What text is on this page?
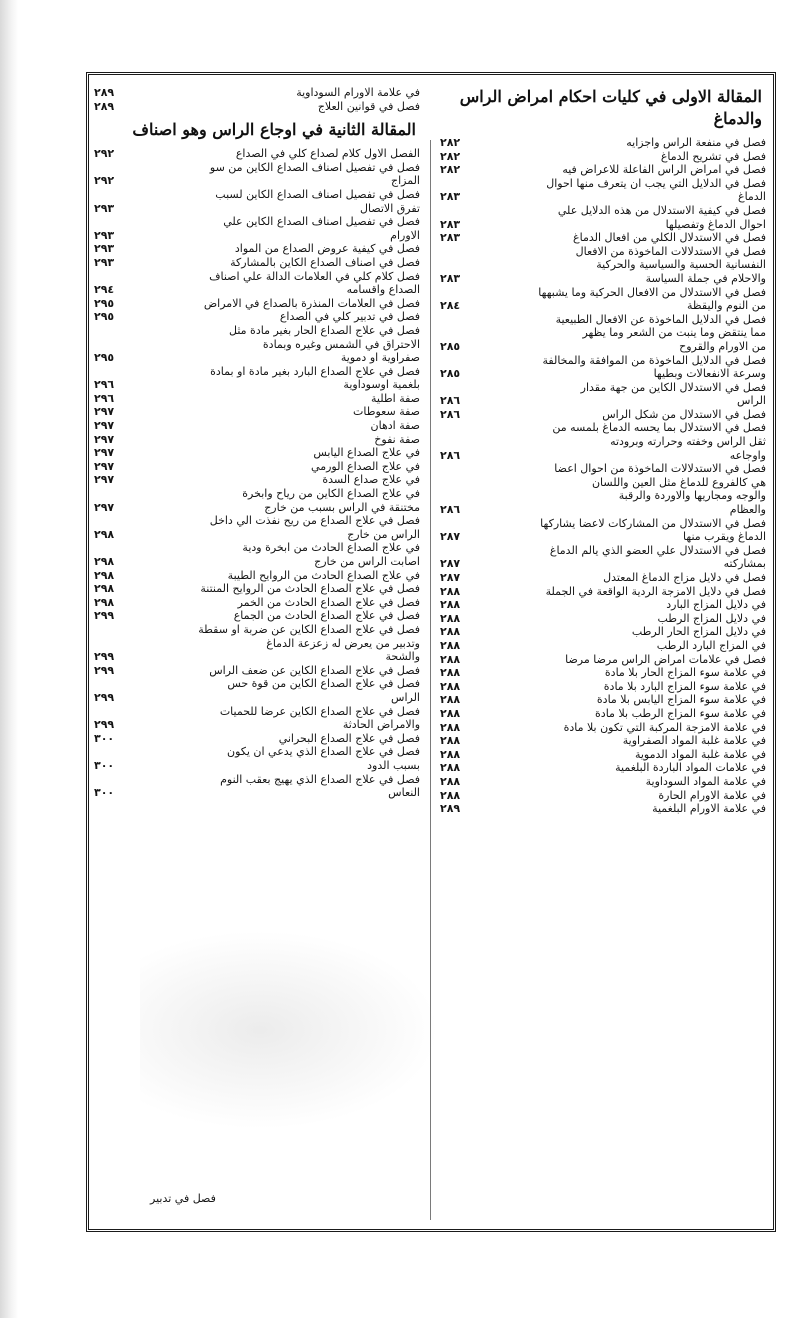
المقالة الاولى في كليات احكام امراض الراس والدماغ
فصل في منفعة الراس واجزايه
٢٨٢
فصل في تشريح الدماغ
٢٨٢
فصل في امراض الراس الفاعلة للاعراض فيه
٢٨٢
فصل في الدلايل التي يجب ان يتعرف منها احوال
الدماغ
٢٨٣
فصل في كيفية الاستدلال من هذه الدلايل علي
احوال الدماغ وتفصيلها
٢٨٣
فصل في الاستدلال الكلي من افعال الدماغ
٢٨٣
فصل في الاستدلالات الماخوذة من الافعال
النفسانية الحسية والسياسية والحركية
والاحلام في جملة السياسة
٢٨٣
فصل في الاستدلال من الافعال الحركية وما يشبهها
من النوم واليقظة
٢٨٤
فصل في الدلايل الماخوذة عن الافعال الطبيعية
مما ينتقض وما ينبت من الشعر وما يظهر
من الاورام والقروح
٢٨٥
فصل في الدلايل الماخوذة من الموافقة والمخالفة
وسرعة الانفعالات وبطيها
٢٨٥
فصل في الاستدلال الكاين من جهة مقدار
الراس
٢٨٦
فصل في الاستدلال من شكل الراس
٢٨٦
فصل في الاستدلال بما يحسه الدماغ بلمسه من
ثقل الراس وخفته وحرارته وبرودته
واوجاعه
٢٨٦
فصل في الاستدلالات الماخوذة من احوال اعضا
هي كالفروع للدماغ مثل العين واللسان
والوجه ومجاريها والاوردة والرقبة
والعظام
٢٨٦
فصل في الاستدلال من المشاركات لاعضا يشاركها
الدماغ ويقرب منها
٢٨٧
فصل في الاستدلال علي العضو الذي يالم الدماغ
بمشاركته
٢٨٧
فصل في دلايل مزاج الدماغ المعتدل
٢٨٧
فصل في دلايل الامزجة الردية الواقعة في الجملة
٢٨٨
في دلايل المزاج البارد
٢٨٨
في دلايل المزاج الرطب
٢٨٨
في دلايل المزاج الحار الرطب
٢٨٨
في المزاج البارد الرطب
٢٨٨
فصل في علامات امراض الراس مرضا مرضا
٢٨٨
في علامة سوء المزاج الحار بلا مادة
٢٨٨
في علامة سوء المزاج البارد بلا مادة
٢٨٨
في علامة سوء المزاج اليابس بلا مادة
٢٨٨
في علامة سوء المزاج الرطب بلا مادة
٢٨٨
في علامة الامزجة المركبة التي تكون بلا مادة
٢٨٨
في علامة غلبة المواد الصفراوية
٢٨٨
في علامة غلبة المواد الدموية
٢٨٨
في علامات المواد الباردة البلغمية
٢٨٨
في علامة المواد السوداوية
٢٨٨
في علامة الاورام الحارة
٢٨٨
في علامة الاورام البلغمية
٢٨٩
في علامة الاورام السوداوية
٢٨٩
فصل في قوانين العلاج
٢٨٩
المقالة الثانية في اوجاع الراس وهو اصناف
الفصل الاول كلام لصداع كلي في الصداع
٢٩٢
فصل في تفصيل اصناف الصداع الكاين من سو
المزاج
٢٩٢
فصل في تفصيل اصناف الصداع الكاين لسبب
تفرق الاتصال
٢٩٣
فصل في تفصيل اصناف الصداع الكاين علي
الاورام
٢٩٣
فصل في كيفية عروض الصداع من المواد
٢٩٣
فصل في اصناف الصداع الكاين بالمشاركة
٢٩٣
فصل كلام كلي في العلامات الدالة علي اصناف
الصداع واقسامه
٢٩٤
فصل في العلامات المنذرة بالصداع في الامراض
٢٩٥
فصل في تدبير كلي في الصداع
٢٩٥
فصل في علاج الصداع الحار بغير مادة مثل
الاحتراق في الشمس وغيره وبمادة
صفراوية او دموية
٢٩٥
فصل في علاج الصداع البارد بغير مادة او بمادة
بلغمية اوسوداوية
٢٩٦
صفة اطلية
٢٩٦
صفة سعوطات
٢٩٧
صفة ادهان
٢٩٧
صفة نفوخ
٢٩٧
في علاج الصداع اليابس
٢٩٧
في علاج الصداع الورمي
٢٩٧
في علاج صداع السدة
٢٩٧
في علاج الصداع الكاين من رياح وابخرة
مختنقة في الراس بسبب من خارج
٢٩٧
فصل في علاج الصداع من ريح نفذت الي داخل
الراس من خارج
٢٩٨
في علاج الصداع الحادث من ابخرة ودية
اصابت الراس من خارج
٢٩٨
في علاج الصداع الحادث من الروايح الطيبة
٢٩٨
فصل في علاج الصداع الحادث من الروايح المنتنة
٢٩٨
فصل في علاج الصداع الحادث من الخمر
٢٩٨
فصل في علاج الصداع الحادث من الجماع
٢٩٩
فصل في علاج الصداع الكاين عن ضربة او سقطة
وتدبير من يعرض له زعزعة الدماغ
والشحة
٢٩٩
فصل في علاج الصداع الكاين عن ضعف الراس
٢٩٩
فصل في علاج الصداع الكاين من قوة حس
الراس
٢٩٩
فصل في علاج الصداع الكاين عرضا للحميات
والامراض الحادثة
٢٩٩
فصل في علاج الصداع البحراني
٣٠٠
فصل في علاج الصداع الذي يدعي ان يكون
بسبب الدود
٣٠٠
فصل في علاج الصداع الذي يهيج بعقب النوم
النعاس
٣٠٠
فصل في تدبير
